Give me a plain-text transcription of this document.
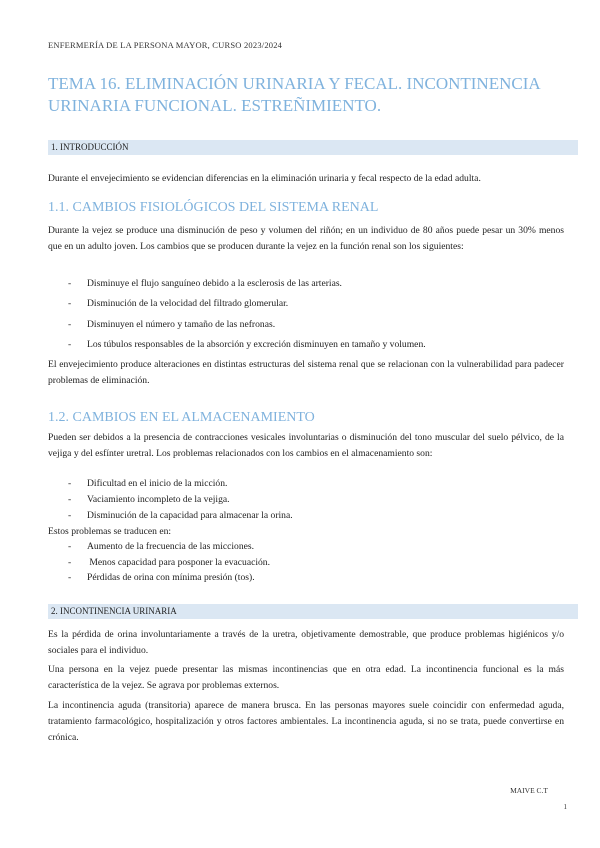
ENFERMERÍA DE LA PERSONA MAYOR, CURSO 2023/2024
TEMA 16. ELIMINACIÓN URINARIA Y FECAL. INCONTINENCIA URINARIA FUNCIONAL. ESTREÑIMIENTO.
1. INTRODUCCIÓN

Durante el envejecimiento se evidencian diferencias en la eliminación urinaria y fecal respecto de la edad adulta.

1.1. CAMBIOS FISIOLÓGICOS DEL SISTEMA RENAL

Durante la vejez se produce una disminución de peso y volumen del riñón; en un individuo de 80 años puede pesar un 30% menos que en un adulto joven. Los cambios que se producen durante la vejez en la función renal son los siguientes:

- Disminuye el flujo sanguíneo debido a la esclerosis de las arterias.
- Disminución de la velocidad del filtrado glomerular.
- Disminuyen el número y tamaño de las nefronas.
- Los túbulos responsables de la absorción y excreción disminuyen en tamaño y volumen.

El envejecimiento produce alteraciones en distintas estructuras del sistema renal que se relacionan con la vulnerabilidad para padecer problemas de eliminación.

1.2. CAMBIOS EN EL ALMACENAMIENTO

Pueden ser debidos a la presencia de contracciones vesicales involuntarias o disminución del tono muscular del suelo pélvico, de la vejiga y del esfínter uretral. Los problemas relacionados con los cambios en el almacenamiento son:

- Dificultad en el inicio de la micción.
- Vaciamiento incompleto de la vejiga.
- Disminución de la capacidad para almacenar la orina.

Estos problemas se traducen en:

- Aumento de la frecuencia de las micciones.
- Menos capacidad para posponer la evacuación.
- Pérdidas de orina con mínima presión (tos).
2. INCONTINENCIA URINARIA

Es la pérdida de orina involuntariamente a través de la uretra, objetivamente demostrable, que produce problemas higiénicos y/o sociales para el individuo.

Una persona en la vejez puede presentar las mismas incontinencias que en otra edad. La incontinencia funcional es la más característica de la vejez. Se agrava por problemas externos.

La incontinencia aguda (transitoria) aparece de manera brusca. En las personas mayores suele coincidir con enfermedad aguda, tratamiento farmacológico, hospitalización y otros factores ambientales. La incontinencia aguda, si no se trata, puede convertirse en crónica.

MAIVE C.T
1
